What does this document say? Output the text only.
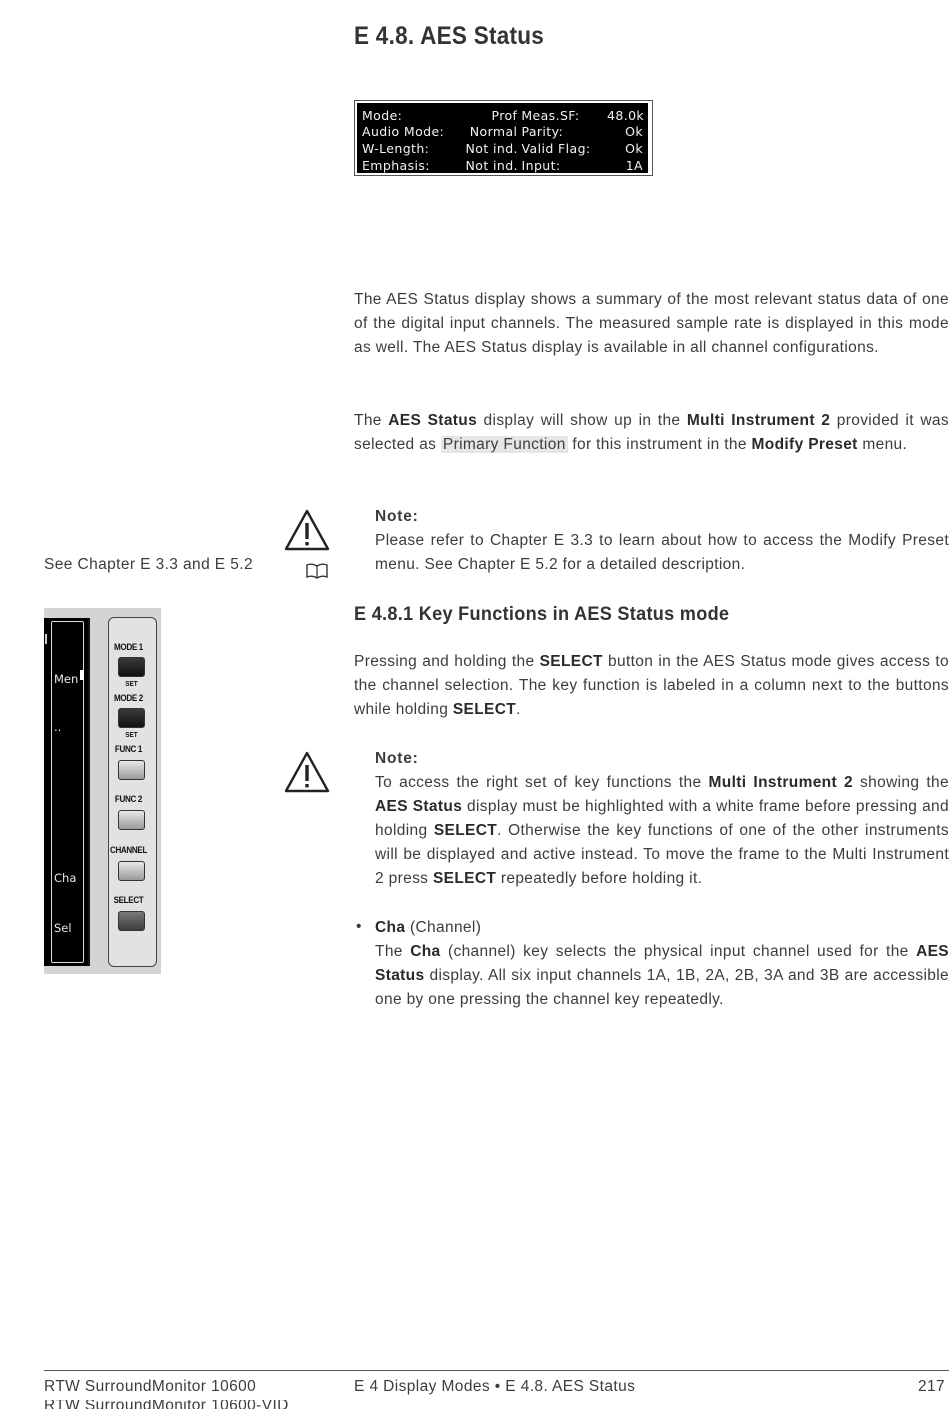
E 4.8. AES Status
Mode:	Prof Meas.SF:	48.0k
Audio Mode:	Normal Parity:	Ok
W-Length:	Not ind. Valid Flag:	Ok
Emphasis:	Not ind. Input:	1A
The AES Status display shows a summary of the most relevant status data of one of the digital input channels. The measured sample rate is displayed in this mode as well. The AES Status display is available in all channel configurations.
The AES Status display will show up in the Multi Instrument 2 provided it was selected as Primary Function for this instrument in the Modify Preset menu.
Note:
Please refer to Chapter E 3.3 to learn about how to access the Modify Preset menu. See Chapter E 5.2 for a detailed description.
See Chapter E 3.3 and E 5.2
E 4.8.1 Key Functions in AES Status mode
Men
..
Cha
Sel
MODE 1
SET
MODE 2
SET
FUNC 1
FUNC 2
CHANNEL
SELECT
Pressing and holding the SELECT button in the AES Status mode gives access to the channel selection. The key function is labeled in a column next to the buttons while holding SELECT.
Note:
To access the right set of key functions the Multi Instrument 2 showing the AES Status display must be highlighted with a white frame before pressing and holding SELECT. Otherwise the key functions of one of the other instruments will be displayed and active instead. To move the frame to the Multi Instrument 2 press SELECT repeatedly before holding it.
• Cha (Channel)
The Cha (channel) key selects the physical input channel used for the AES Status display. All six input channels 1A, 1B, 2A, 2B, 3A and 3B are accessible one by one pressing the channel key repeatedly.
RTW SurroundMonitor 10600	E 4 Display Modes • E 4.8. AES Status	217
RTW SurroundMonitor 10600-VID
